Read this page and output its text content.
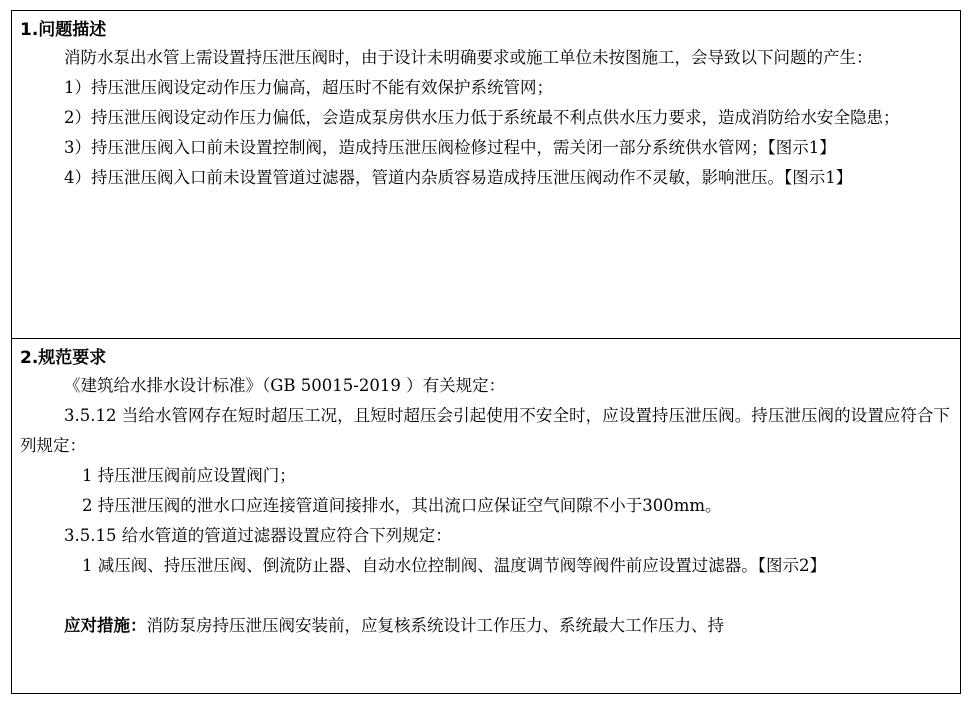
1.问题描述

消防水泵出水管上需设置持压泄压阀时，由于设计未明确要求或施工单位未按图施工，会导致以下问题的产生：

1）持压泄压阀设定动作压力偏高，超压时不能有效保护系统管网；

2）持压泄压阀设定动作压力偏低，会造成泵房供水压力低于系统最不利点供水压力要求，造成消防给水安全隐患；

3）持压泄压阀入口前未设置控制阀，造成持压泄压阀检修过程中，需关闭一部分系统供水管网；【图示1】

4）持压泄压阀入口前未设置管道过滤器，管道内杂质容易造成持压泄压阀动作不灵敏，影响泄压。【图示1】

2.规范要求

《建筑给水排水设计标准》（GB 50015-2019 ）有关规定：

3.5.12 当给水管网存在短时超压工况，且短时超压会引起使用不安全时，应设置持压泄压阀。持压泄压阀的设置应符合下列规定：

1 持压泄压阀前应设置阀门；

2 持压泄压阀的泄水口应连接管道间接排水，其出流口应保证空气间隙不小于300mm。

3.5.15 给水管道的管道过滤器设置应符合下列规定：

1 减压阀、持压泄压阀、倒流防止器、自动水位控制阀、温度调节阀等阀件前应设置过滤器。【图示2】

应对措施：消防泵房持压泄压阀安装前，应复核系统设计工作压力、系统最大工作压力、持
